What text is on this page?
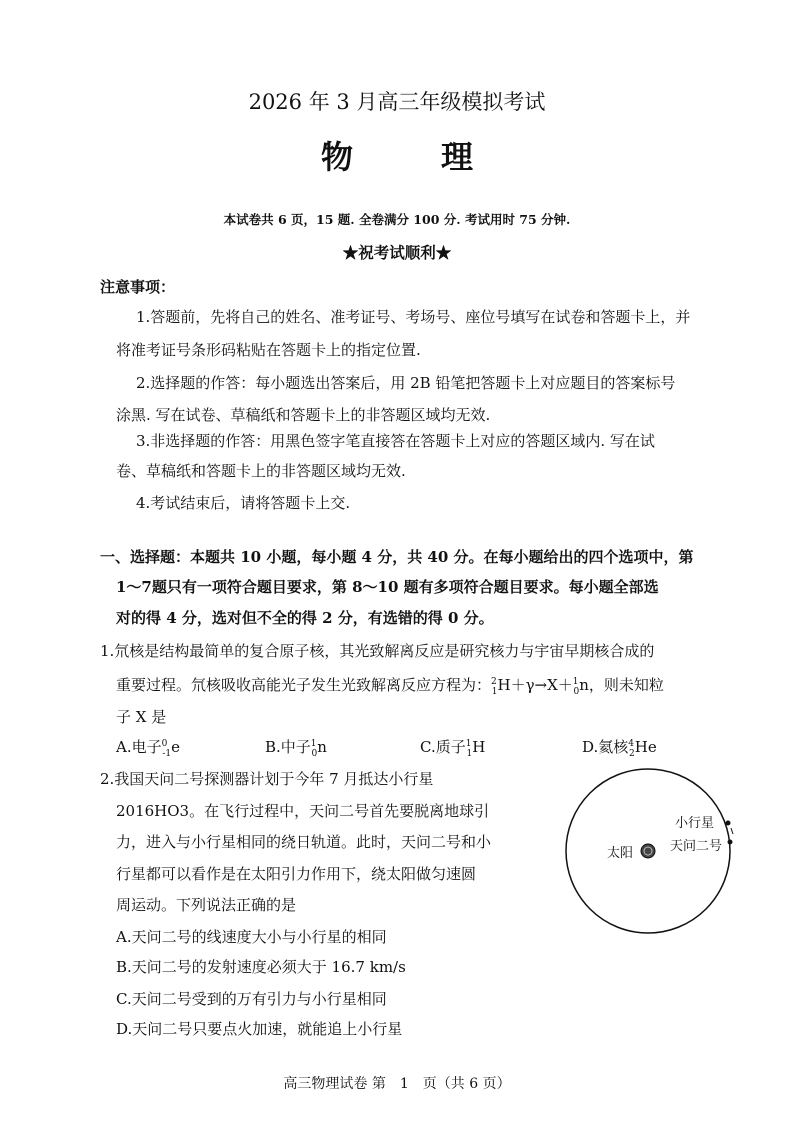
2026 年 3 月高三年级模拟考试
物　理
本试卷共 6 页，15 题. 全卷满分 100 分. 考试用时 75 分钟.
★祝考试顺利★
注意事项：
1.答题前，先将自己的姓名、准考证号、考场号、座位号填写在试卷和答题卡上，并
将准考证号条形码粘贴在答题卡上的指定位置.
2.选择题的作答：每小题选出答案后，用 2B 铅笔把答题卡上对应题目的答案标号
涂黑. 写在试卷、草稿纸和答题卡上的非答题区域均无效.
3.非选择题的作答：用黑色签字笔直接答在答题卡上对应的答题区域内. 写在试
卷、草稿纸和答题卡上的非答题区域均无效.
4.考试结束后，请将答题卡上交.
一、选择题：本题共 10 小题，每小题 4 分，共 40 分。在每小题给出的四个选项中，第
1～7题只有一项符合题目要求，第 8～10 题有多项符合题目要求。每小题全部选
对的得 4 分，选对但不全的得 2 分，有选错的得 0 分。
1.氘核是结构最简单的复合原子核，其光致解离反应是研究核力与宇宙早期核合成的
重要过程。氘核吸收高能光子发生光致解离反应方程为：$^2_1$H＋γ→X＋$^1_0$n，则未知粒
子 X 是
A.电子$^0_{-1}$e	B.中子$^1_0$n	C.质子$^1_1$H	D.氦核$^4_2$He
2.我国天问二号探测器计划于今年 7 月抵达小行星
2016HO3。在飞行过程中，天问二号首先要脱离地球引
力，进入与小行星相同的绕日轨道。此时，天问二号和小
行星都可以看作是在太阳引力作用下，绕太阳做匀速圆
周运动。下列说法正确的是
A.天问二号的线速度大小与小行星的相同
B.天问二号的发射速度必须大于 16.7 km/s
C.天问二号受到的万有引力与小行星相同
D.天问二号只要点火加速，就能追上小行星
太阳
小行星
天问二号
高三物理试卷 第　1　页（共 6 页）
